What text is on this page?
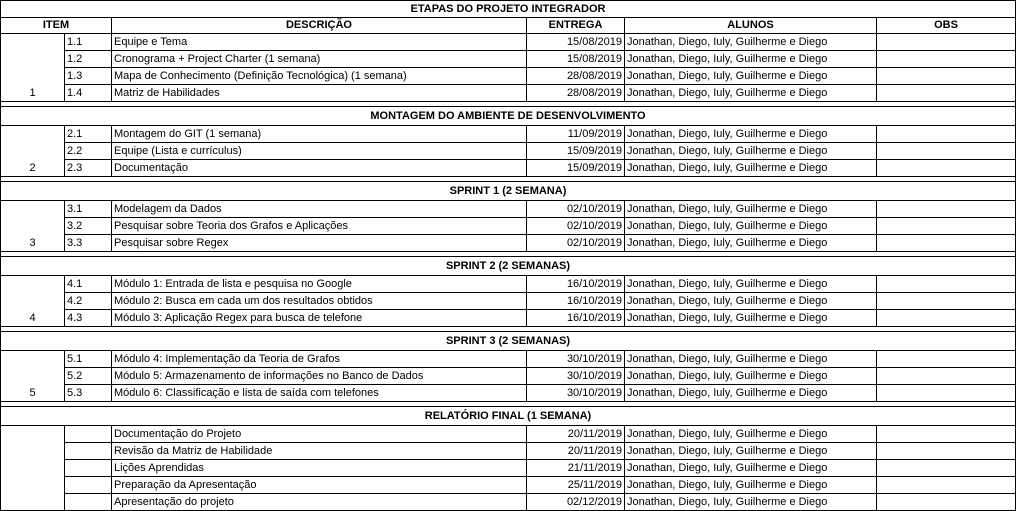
ETAPAS DO PROJETO INTEGRADOR					
ITEM		DESCRIÇÃO	ENTREGA	ALUNOS	OBS
1	1.1	Equipe e Tema	15/08/2019	Jonathan, Diego, Iuly, Guilherme e Diego	
	1.2	Cronograma + Project Charter (1 semana)	15/08/2019	Jonathan, Diego, Iuly, Guilherme e Diego	
	1.3	Mapa de Conhecimento (Definição Tecnológica) (1 semana)	28/08/2019	Jonathan, Diego, Iuly, Guilherme e Diego	
	1.4	Matriz de Habilidades	28/08/2019	Jonathan, Diego, Iuly, Guilherme e Diego	

MONTAGEM DO AMBIENTE DE DESENVOLVIMENTO					
2	2.1	Montagem do GIT (1 semana)	11/09/2019	Jonathan, Diego, Iuly, Guilherme e Diego	
	2.2	Equipe (Lista e currículus)	15/09/2019	Jonathan, Diego, Iuly, Guilherme e Diego	
	2.3	Documentação	15/09/2019	Jonathan, Diego, Iuly, Guilherme e Diego	

SPRINT 1 (2 SEMANA)					
3	3.1	Modelagem da Dados	02/10/2019	Jonathan, Diego, Iuly, Guilherme e Diego	
	3.2	Pesquisar sobre Teoria dos Grafos e Aplicações	02/10/2019	Jonathan, Diego, Iuly, Guilherme e Diego	
	3.3	Pesquisar sobre Regex	02/10/2019	Jonathan, Diego, Iuly, Guilherme e Diego	

SPRINT 2 (2 SEMANAS)					
4	4.1	Módulo 1: Entrada de lista e pesquisa no Google	16/10/2019	Jonathan, Diego, Iuly, Guilherme e Diego	
	4.2	Módulo 2: Busca em cada um dos resultados obtidos	16/10/2019	Jonathan, Diego, Iuly, Guilherme e Diego	
	4.3	Módulo 3: Aplicação Regex para busca de telefone	16/10/2019	Jonathan, Diego, Iuly, Guilherme e Diego	

SPRINT 3 (2 SEMANAS)					
5	5.1	Módulo 4: Implementação da Teoria de Grafos	30/10/2019	Jonathan, Diego, Iuly, Guilherme e Diego	
	5.2	Módulo 5: Armazenamento de informações no Banco de Dados	30/10/2019	Jonathan, Diego, Iuly, Guilherme e Diego	
	5.3	Módulo 6: Classificação e lista de saída com telefones	30/10/2019	Jonathan, Diego, Iuly, Guilherme e Diego	

RELATÓRIO FINAL (1 SEMANA)					
		Documentação do Projeto	20/11/2019	Jonathan, Diego, Iuly, Guilherme e Diego	
		Revisão da Matriz de Habilidade	20/11/2019	Jonathan, Diego, Iuly, Guilherme e Diego	
		Lições Aprendidas	21/11/2019	Jonathan, Diego, Iuly, Guilherme e Diego	
		Preparação da Apresentação	25/11/2019	Jonathan, Diego, Iuly, Guilherme e Diego	
		Apresentação do projeto	02/12/2019	Jonathan, Diego, Iuly, Guilherme e Diego	
